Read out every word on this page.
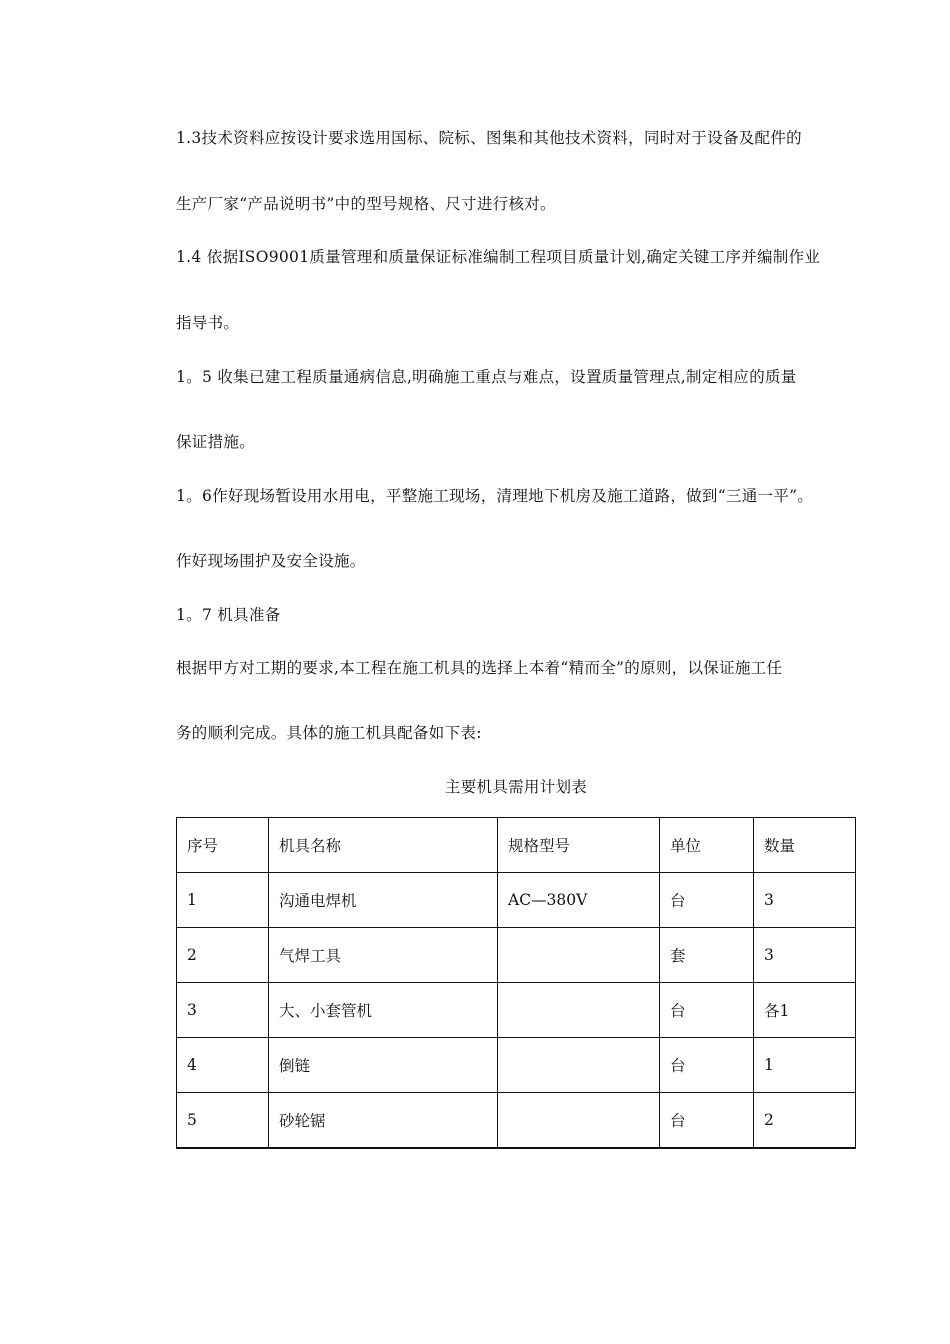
1.3技术资料应按设计要求选用国标、院标、图集和其他技术资料，同时对于设备及配件的
生产厂家“产品说明书”中的型号规格、尺寸进行核对。
1.4 依据ISO9001质量管理和质量保证标准编制工程项目质量计划,确定关键工序并编制作业
指导书。
1。5 收集已建工程质量通病信息,明确施工重点与难点，设置质量管理点,制定相应的质量
保证措施。
1。6作好现场暂设用水用电，平整施工现场，清理地下机房及施工道路，做到“三通一平”。
作好现场围护及安全设施。
1。7 机具准备
根据甲方对工期的要求,本工程在施工机具的选择上本着“精而全”的原则，以保证施工任
务的顺利完成。具体的施工机具配备如下表:
主要机具需用计划表
序号	机具名称	规格型号	单位	数量
1	沟通电焊机	AC—380V	台	3
2	气焊工具		套	3
3	大、小套管机		台	各1
4	倒链		台	1
5	砂轮锯		台	2
